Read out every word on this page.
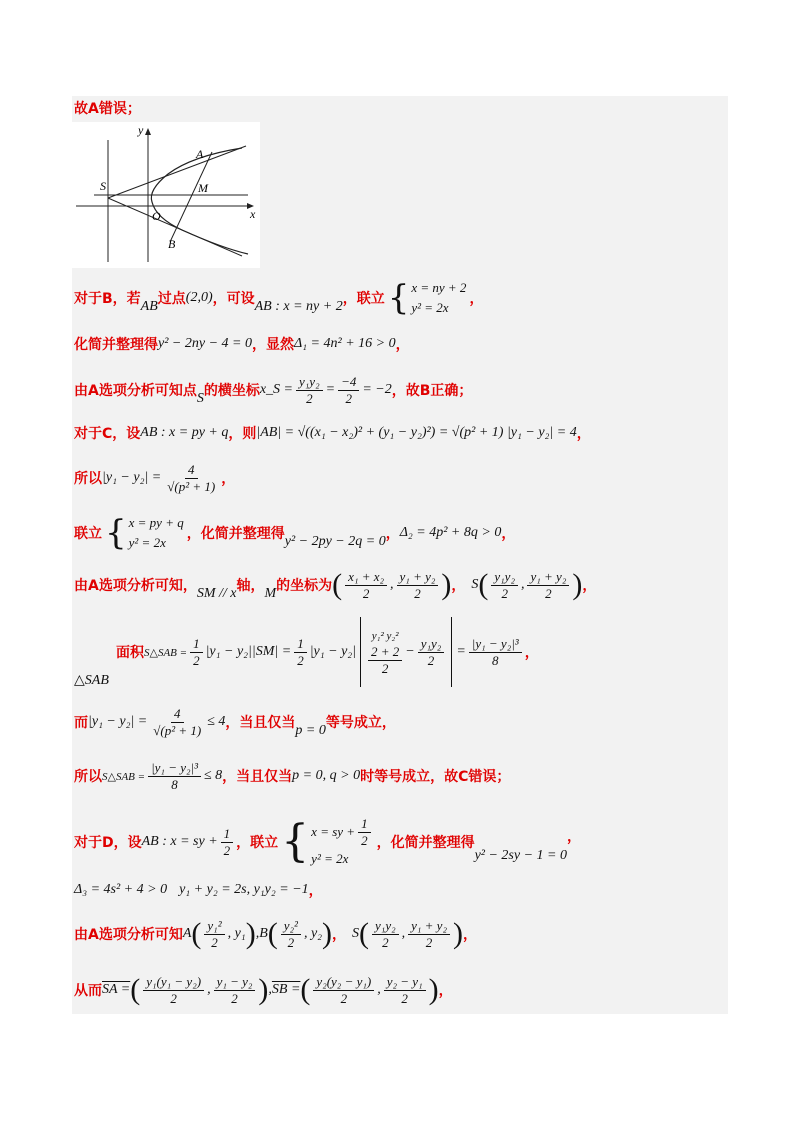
故A错误；
y
x
A
M
S
O
B
对于B，若 AB 过点 (2,0) ，可设 AB : x = ny + 2 ，联立 { x = ny + 2
y² = 2x
，
化简并整理得 y² − 2ny − 4 = 0 ，显然 Δ₁ = 4n² + 16 > 0 ，
由A选项分析可知点 S 的横坐标 x_S = $\frac{\text{y₁y₂}}{2} = \frac{-4}{2} = -2$ ，故B正确；
对于C，设 AB : x = py + q ，则 |AB| = √((x₁ − x₂)² + (y₁ − y₂)²) = √(p² + 1) |y₁ − y₂| = 4 ，
所以 $|y_1 - y_2| = \frac{4}{\text{√(p² + 1)}}$ ，
联立 { x = py + q
y² = 2x
，化简并整理得 y² − 2py − 2q = 0 ， Δ₂ = 4p² + 8q > 0 ，
由A选项分析可知， SM // x 轴， M 的坐标为 ( $\frac{\text{x₁ + x₂}}{2}$ , $\frac{\text{y₁ + y₂}}{2}$ ) ， S ( $\frac{\text{y₁y₂}}{2}$ , $\frac{\text{y₁ + y₂}}{2}$ ) ，
面积 S△SAB = $\frac{1}{2} |y_1 - y_2||SM| = \frac{1}{2} |y_1 - y_2|$ y₁² y₂²
2 + 2
$2 - \frac{\text{y₁y₂}}{2} = \frac{\text{|y₁ − y₂|³}}{8}$ ，
△SAB
而 $|y_1 - y_2| = \frac{4}{\text{√(p² + 1)}} \le 4$ ，当且仅当 p = 0 等号成立，
所以 S△SAB = $\frac{\text{|y₁ − y₂|³}}{8} \le 8$ ，当且仅当 p = 0, q > 0 时等号成立，故C错误；
对于D，设 AB : x = sy + $\frac{1}{2}$ ，联立 { x = sy + $\frac{1}{2}$
y² = 2x
，化简并整理得
y² − 2sy − 1 = 0
，
Δ₃ = 4s² + 4 > 0 y₁ + y₂ = 2s, y₁y₂ = −1 ，
由A选项分析可知 A ( $\frac{\text{y₁²}}{2}$ , y₁ ) , B ( $\frac{\text{y₂²}}{2}$ , y₂ ) ， S ( $\frac{\text{y₁y₂}}{2}$ , $\frac{\text{y₁ + y₂}}{2}$ ) ，
从而 SA = ( $\frac{\text{y₁(y₁ − y₂)}}{2}$ , $\frac{\text{y₁ − y₂}}{2}$ ) , SB = ( $\frac{\text{y₂(y₂ − y₁)}}{2}$ , $\frac{\text{y₂ − y₁}}{2}$ ) ，
